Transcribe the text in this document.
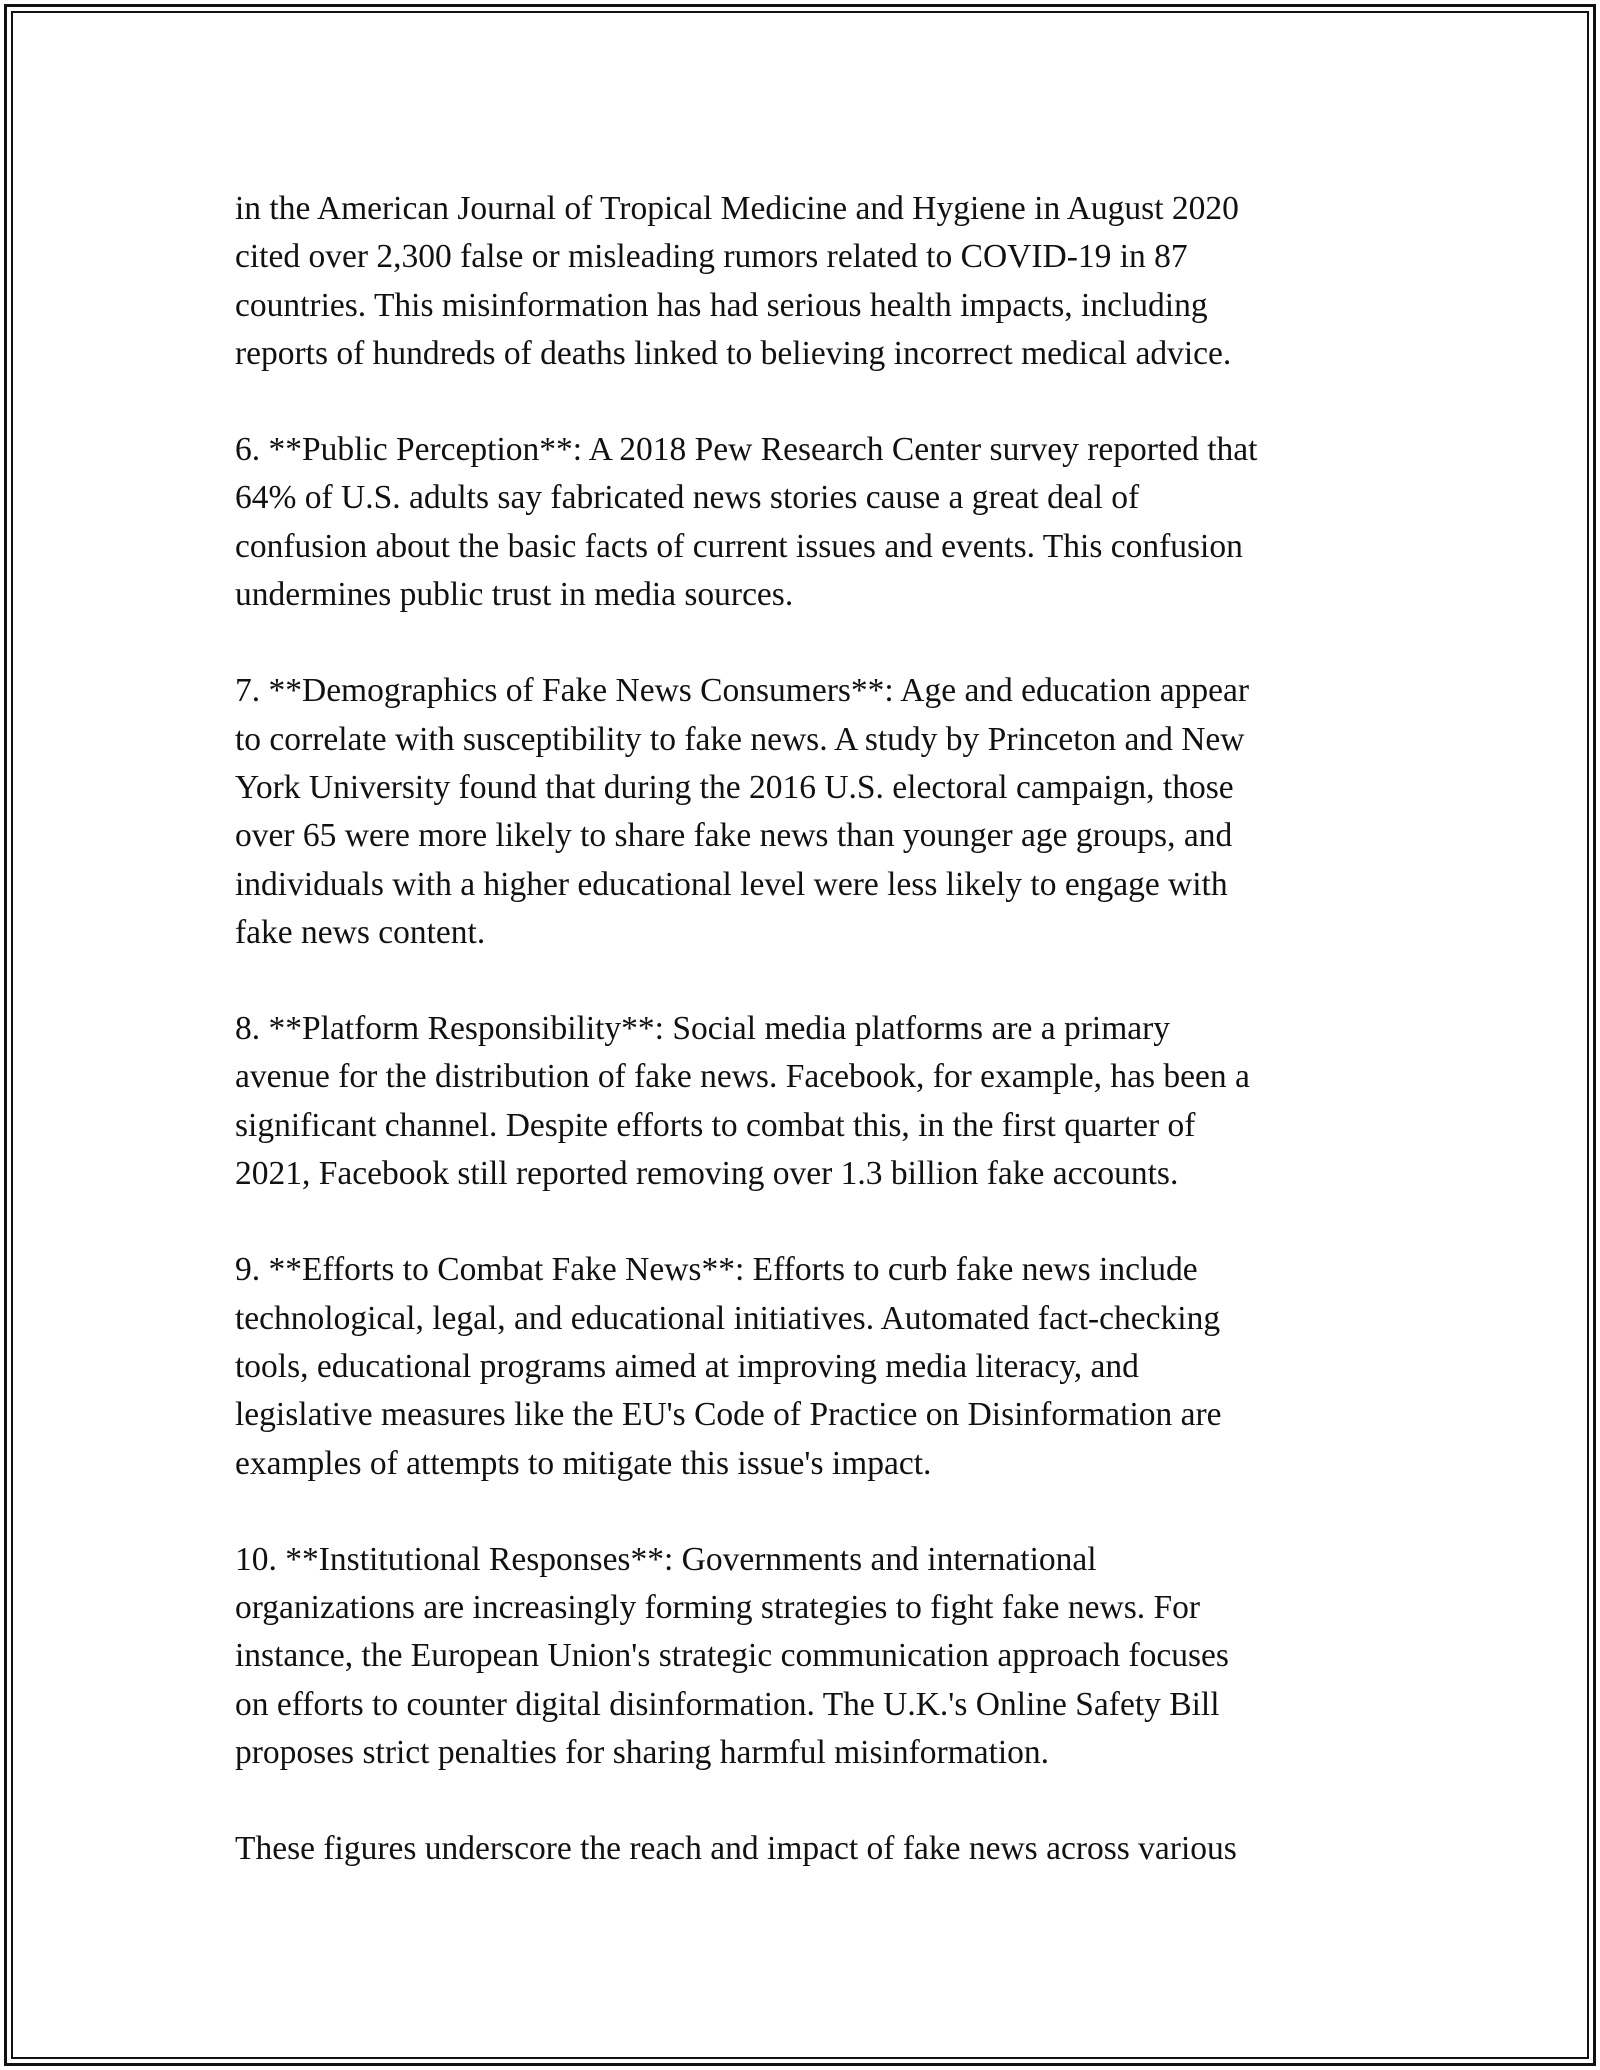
in the American Journal of Tropical Medicine and Hygiene in August 2020
cited over 2,300 false or misleading rumors related to COVID-19 in 87
countries. This misinformation has had serious health impacts, including
reports of hundreds of deaths linked to believing incorrect medical advice.

6. **Public Perception**: A 2018 Pew Research Center survey reported that
64% of U.S. adults say fabricated news stories cause a great deal of
confusion about the basic facts of current issues and events. This confusion
undermines public trust in media sources.

7. **Demographics of Fake News Consumers**: Age and education appear
to correlate with susceptibility to fake news. A study by Princeton and New
York University found that during the 2016 U.S. electoral campaign, those
over 65 were more likely to share fake news than younger age groups, and
individuals with a higher educational level were less likely to engage with
fake news content.

8. **Platform Responsibility**: Social media platforms are a primary
avenue for the distribution of fake news. Facebook, for example, has been a
significant channel. Despite efforts to combat this, in the first quarter of
2021, Facebook still reported removing over 1.3 billion fake accounts.

9. **Efforts to Combat Fake News**: Efforts to curb fake news include
technological, legal, and educational initiatives. Automated fact-checking
tools, educational programs aimed at improving media literacy, and
legislative measures like the EU's Code of Practice on Disinformation are
examples of attempts to mitigate this issue's impact.

10. **Institutional Responses**: Governments and international
organizations are increasingly forming strategies to fight fake news. For
instance, the European Union's strategic communication approach focuses
on efforts to counter digital disinformation. The U.K.'s Online Safety Bill
proposes strict penalties for sharing harmful misinformation.

These figures underscore the reach and impact of fake news across various
